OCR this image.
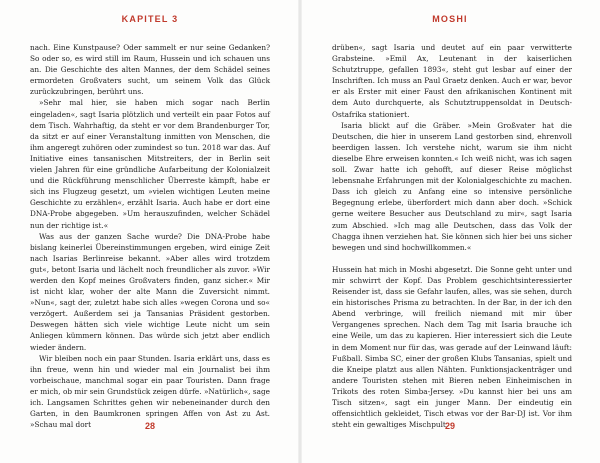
KAPITEL 3

nach. Eine Kunstpause? Oder sammelt er nur seine Gedanken? So oder so, es wird still im Raum, Hussein und ich schauen uns an. Die Geschichte des alten Mannes, der dem Schädel seines ermordeten Großvaters sucht, um seinem Volk das Glück zurückzubringen, berührt uns.

»Sehr mal hier, sie haben mich sogar nach Berlin eingeladen«, sagt Isaria plötzlich und verteilt ein paar Fotos auf dem Tisch. Wahrhaftig, da steht er vor dem Brandenburger Tor, da sitzt er auf einer Veranstaltung inmitten von Menschen, die ihm angeregt zuhören oder zumindest so tun. 2018 war das. Auf Initiative eines tansanischen Mitstreiters, der in Berlin seit vielen Jahren für eine gründliche Aufarbeitung der Kolonialzeit und die Rückführung menschlicher Überreste kämpft, habe er sich ins Flugzeug gesetzt, um »vielen wichtigen Leuten meine Geschichte zu erzählen«, erzählt Isaria. Auch habe er dort eine DNA-Probe abgegeben. »Um herauszufinden, welcher Schädel nun der richtige ist.«

Was aus der ganzen Sache wurde? Die DNA-Probe habe bislang keinerlei Übereinstimmungen ergeben, wird einige Zeit nach Isarias Berlinreise bekannt. »Aber alles wird trotzdem gut«, betont Isaria und lächelt noch freundlicher als zuvor. »Wir werden den Kopf meines Großvaters finden, ganz sicher.« Mir ist nicht klar, woher der alte Mann die Zuversicht nimmt. »Nun«, sagt der, zuletzt habe sich alles »wegen Corona und so« verzögert. Außerdem sei ja Tansanias Präsident gestorben. Deswegen hätten sich viele wichtige Leute nicht um sein Anliegen kümmern können. Das würde sich jetzt aber endlich wieder ändern.

Wir bleiben noch ein paar Stunden. Isaria erklärt uns, dass es ihn freue, wenn hin und wieder mal ein Journalist bei ihm vorbeischaue, manchmal sogar ein paar Touristen. Dann frage er mich, ob mir sein Grundstück zeigen dürfe. »Natürlich«, sage ich. Langsamen Schrittes gehen wir nebeneinander durch den Garten, in den Baumkronen springen Affen von Ast zu Ast. »Schau mal dort	28
MOSHI

drüben«, sagt Isaria und deutet auf ein paar verwitterte Grabsteine. »Emil Ax, Leutenant in der kaiserlichen Schutztruppe, gefallen 1893«, steht gut lesbar auf einer der Inschriften. Ich muss an Paul Graetz denken. Auch er war, bevor er als Erster mit einer Faust den afrikanischen Kontinent mit dem Auto durchquerte, als Schutztruppensoldat in Deutsch-Ostafrika stationiert.

Isaria blickt auf die Gräber. »Mein Großvater hat die Deutschen, die hier in unserem Land gestorben sind, ehrenvoll beerdigen lassen. Ich verstehe nicht, warum sie ihm nicht dieselbe Ehre erweisen konnten.« Ich weiß nicht, was ich sagen soll. Zwar hatte ich gehofft, auf dieser Reise möglichst lebensnahe Erfahrungen mit der Kolonialgeschichte zu machen. Dass ich gleich zu Anfang eine so intensive persönliche Begegnung erlebe, überfordert mich dann aber doch. »Schick gerne weitere Besucher aus Deutschland zu mir«, sagt Isaria zum Abschied. »Ich mag alle Deutschen, dass das Volk der Chagga ihnen verziehen hat. Sie können sich hier bei uns sicher bewegen und sind hochwillkommen.«

Hussein hat mich in Moshi abgesetzt. Die Sonne geht unter und mir schwirrt der Kopf. Das Problem geschichtsinteressierter Reisender ist, dass sie Gefahr laufen, alles, was sie sehen, durch ein historisches Prisma zu betrachten. In der Bar, in der ich den Abend verbringe, will freilich niemand mit mir über Vergangenes sprechen. Nach dem Tag mit Isaria brauche ich eine Weile, um das zu kapieren. Hier interessiert sich die Leute in dem Moment nur für das, was gerade auf der Leinwand läuft: Fußball. Simba SC, einer der großen Klubs Tansanias, spielt und die Kneipe platzt aus allen Nähten. Funktionsjackenträger und andere Touristen stehen mit Bieren neben Einheimischen in Trikots des roten Simba-Jersey. »Du kannst hier bei uns am Tisch sitzen«, sagt ein junger Mann. Der eindeutig ein offensichtlich gekleidet, Tisch etwas vor der Bar-DJ ist. Vor ihm steht ein gewaltiges Mischpult.

29
